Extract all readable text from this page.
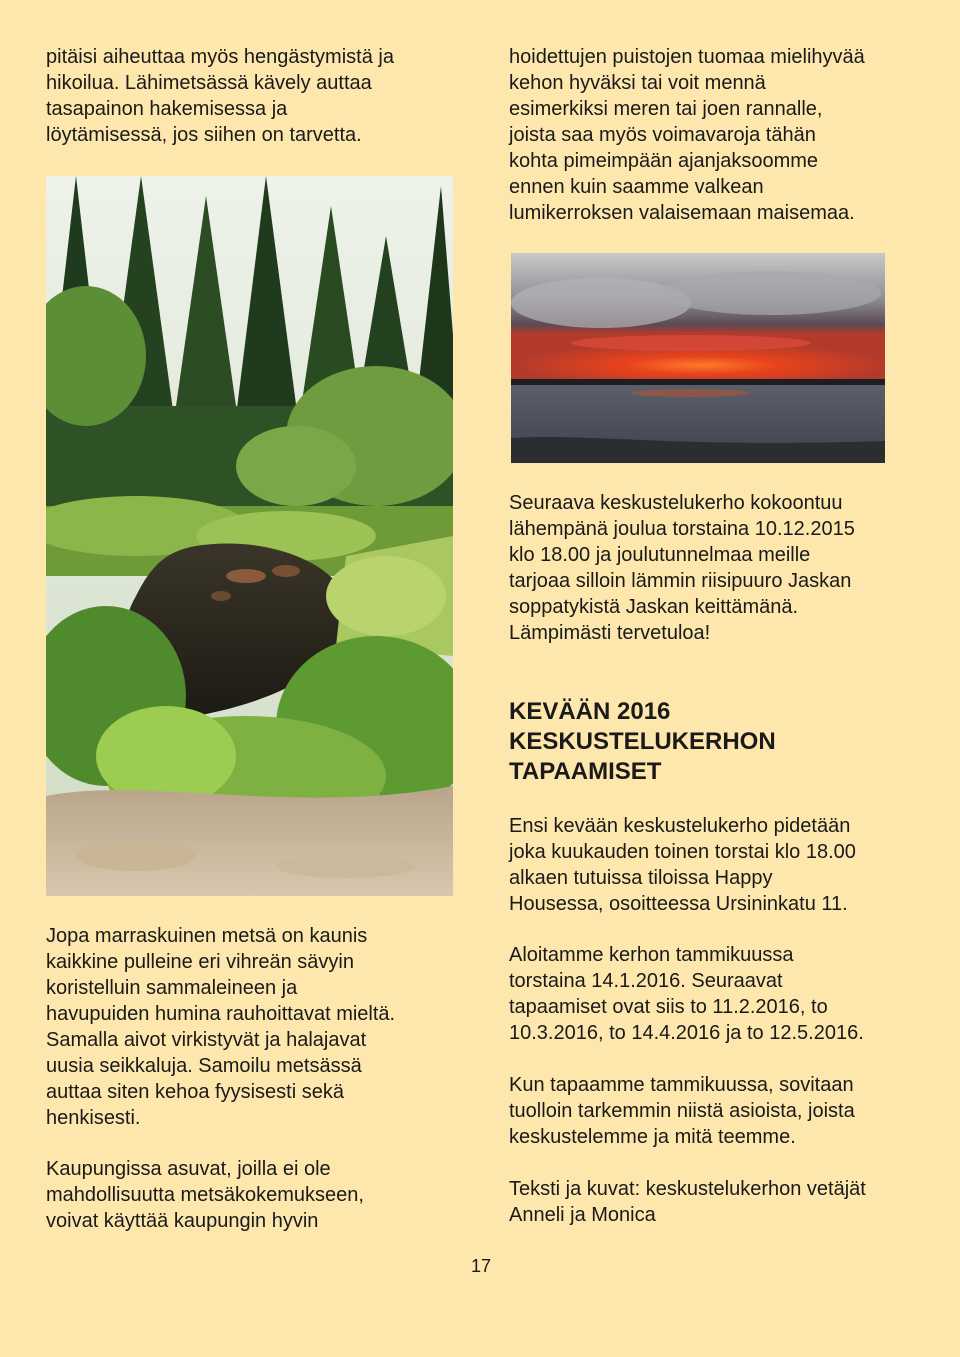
pitäisi aiheuttaa myös hengästymistä ja
hikoilua. Lähimetsässä kävely auttaa
tasapainon hakemisessa ja
löytämisessä, jos siihen on tarvetta.
hoidettujen puistojen tuomaa mielihyvää
kehon hyväksi tai voit mennä
esimerkiksi meren tai joen rannalle,
joista saa myös voimavaroja tähän
kohta pimeimpään ajanjaksoomme
ennen kuin saamme valkean
lumikerroksen valaisemaan maisemaa.
Seuraava keskustelukerho kokoontuu
lähempänä joulua torstaina 10.12.2015
klo 18.00 ja joulutunnelmaa meille
tarjoaa silloin lämmin riisipuuro Jaskan
soppatykistä Jaskan keittämänä.
Lämpimästi tervetuloa!
KEVÄÄN 2016
KESKUSTELUKERHON
TAPAAMISET
Ensi kevään keskustelukerho pidetään
joka kuukauden toinen torstai klo 18.00
alkaen tutuissa tiloissa Happy
Housessa, osoitteessa Ursininkatu 11.
Aloitamme kerhon tammikuussa
torstaina 14.1.2016. Seuraavat
tapaamiset ovat siis to 11.2.2016, to
10.3.2016, to 14.4.2016 ja to 12.5.2016.
Kun tapaamme tammikuussa, sovitaan
tuolloin tarkemmin niistä asioista, joista
keskustelemme ja mitä teemme.
Teksti ja kuvat: keskustelukerhon vetäjät
Anneli ja Monica
Jopa marraskuinen metsä on kaunis
kaikkine pulleine eri vihreän sävyin
koristelluin sammaleineen ja
havupuiden humina rauhoittavat mieltä.
Samalla aivot virkistyvät ja halajavat
uusia seikkaluja. Samoilu metsässä
auttaa siten kehoa fyysisesti sekä
henkisesti.
Kaupungissa asuvat, joilla ei ole
mahdollisuutta metsäkokemukseen,
voivat käyttää kaupungin hyvin
17
